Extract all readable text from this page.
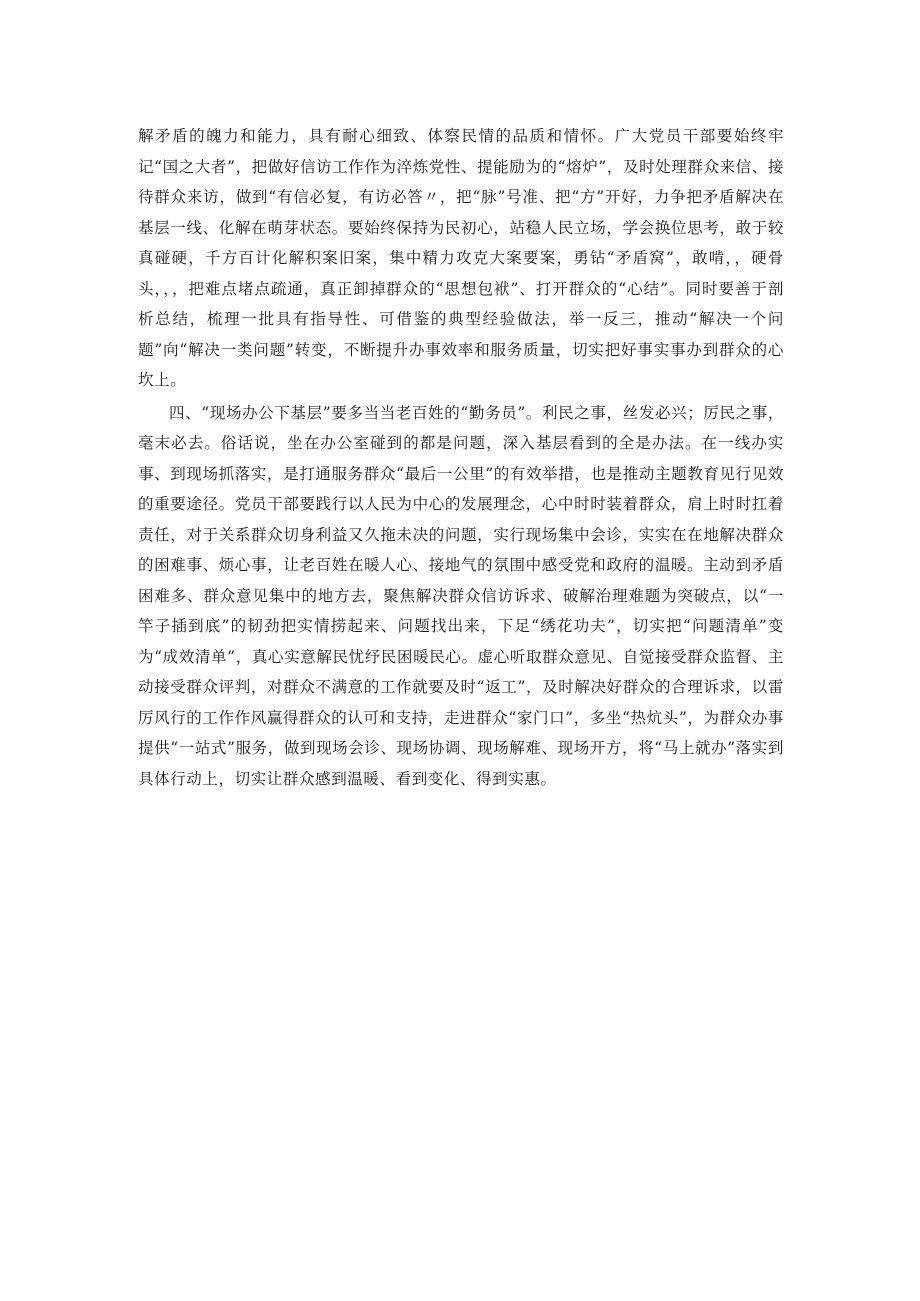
解矛盾的魄力和能力，具有耐心细致、体察民情的品质和情怀。广大党员干部要始终牢记“国之大者”，把做好信访工作作为淬炼党性、提能励为的“熔炉”，及时处理群众来信、接待群众来访，做到“有信必复，有访必答〃，把“脉”号准、把“方”开好，力争把矛盾解决在基层一线、化解在萌芽状态。要始终保持为民初心，站稳人民立场，学会换位思考，敢于较真碰硬，千方百计化解积案旧案，集中精力攻克大案要案，勇钻“矛盾窝”，敢啃，，硬骨头，，，把难点堵点疏通，真正卸掉群众的“思想包袱”、打开群众的“心结”。同时要善于剖析总结，梳理一批具有指导性、可借鉴的典型经验做法，举一反三，推动“解决一个问题”向“解决一类问题”转变，不断提升办事效率和服务质量，切实把好事实事办到群众的心坎上。

四、“现场办公下基层”要多当当老百姓的“勤务员”。利民之事，丝发必兴；厉民之事，毫末必去。俗话说，坐在办公室碰到的都是问题，深入基层看到的全是办法。在一线办实事、到现场抓落实，是打通服务群众“最后一公里”的有效举措，也是推动主题教育见行见效的重要途径。党员干部要践行以人民为中心的发展理念，心中时时装着群众，肩上时时扛着责任，对于关系群众切身利益又久拖未决的问题，实行现场集中会诊，实实在在地解决群众的困难事、烦心事，让老百姓在暖人心、接地气的氛围中感受党和政府的温暖。主动到矛盾困难多、群众意见集中的地方去，聚焦解决群众信访诉求、破解治理难题为突破点，以“一竿子插到底”的韧劲把实情捞起来、问题找出来，下足“绣花功夫”，切实把“问题清单”变为“成效清单”，真心实意解民忧纾民困暖民心。虚心听取群众意见、自觉接受群众监督、主动接受群众评判，对群众不满意的工作就要及时“返工”，及时解决好群众的合理诉求，以雷厉风行的工作作风赢得群众的认可和支持，走进群众“家门口”，多坐“热炕头”，为群众办事提供“一站式”服务，做到现场会诊、现场协调、现场解难、现场开方，将“马上就办”落实到具体行动上，切实让群众感到温暖、看到变化、得到实惠。
